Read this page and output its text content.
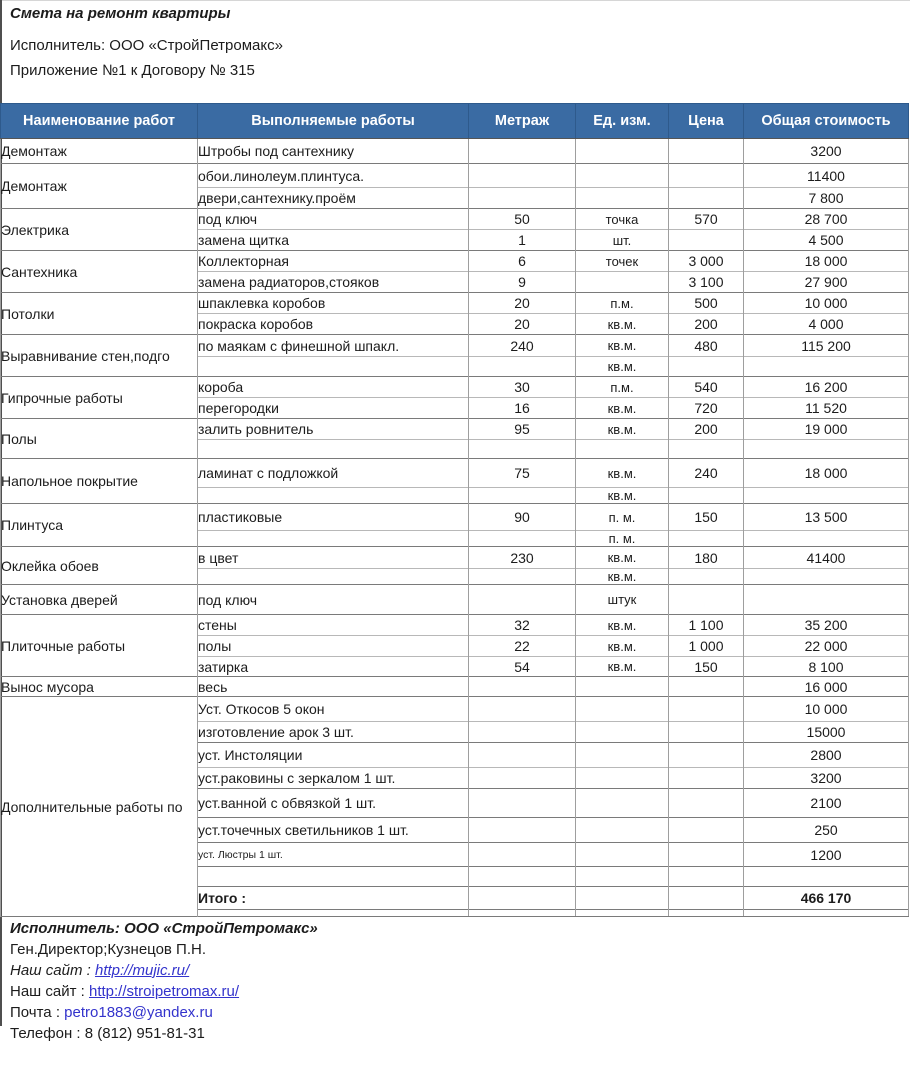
Смета на ремонт квартиры
Исполнитель: ООО «СтройПетромакс»
Приложение №1 к Договору № 315
Наименование работ	Выполняемые работы	Метраж	Ед. изм.	Цена	Общая стоимость
Демонтаж	Штробы под сантехнику				3200
Демонтаж	обои.линолеум.плинтуса.				11400
	двери,сантехнику.проём				7 800
Электрика	под ключ	50	точка	570	28 700
	замена щитка	1	шт.		4 500
Сантехника	Коллекторная	6	точек	3 000	18 000
	замена радиаторов,стояков	9		3 100	27 900
Потолки	шпаклевка коробов	20	п.м.	500	10 000
	покраска коробов	20	кв.м.	200	4 000
Выравнивание стен,подго	по маякам с финешной шпакл.	240	кв.м.	480	115 200
			кв.м.		
Гипрочные работы	короба	30	п.м.	540	16 200
	перегородки	16	кв.м.	720	11 520
Полы	залить ровнитель	95	кв.м.	200	19 000

Напольное покрытие	ламинат с подложкой	75	кв.м.	240	18 000
			кв.м.		
Плинтуса	пластиковые	90	п. м.	150	13 500
			п. м.		
Оклейка обоев	в цвет	230	кв.м.	180	41400
			кв.м.		
Установка дверей	под ключ		штук		
Плиточные работы	стены	32	кв.м.	1 100	35 200
	полы	22	кв.м.	1 000	22 000
	затирка	54	кв.м.	150	8 100
Вынос мусора	весь				16 000
Дополнительные работы по	Уст. Откосов 5 окон				10 000
	изготовление арок 3 шт.				15000
	уст. Инстоляции				2800
	уст.раковины с зеркалом 1 шт.				3200
	уст.ванной с обвязкой 1 шт.				2100
	уст.точечных светильников 1 шт.				250
	уст. Люстры 1 шт.				1200

	Итого :				466 170

Исполнитель: ООО «СтройПетромакс»
Ген.Директор;Кузнецов П.Н.
Наш сайт : http://mujic.ru/
Наш сайт : http://stroipetromax.ru/
Почта : petro1883@yandex.ru
Телефон : 8 (812) 951-81-31
